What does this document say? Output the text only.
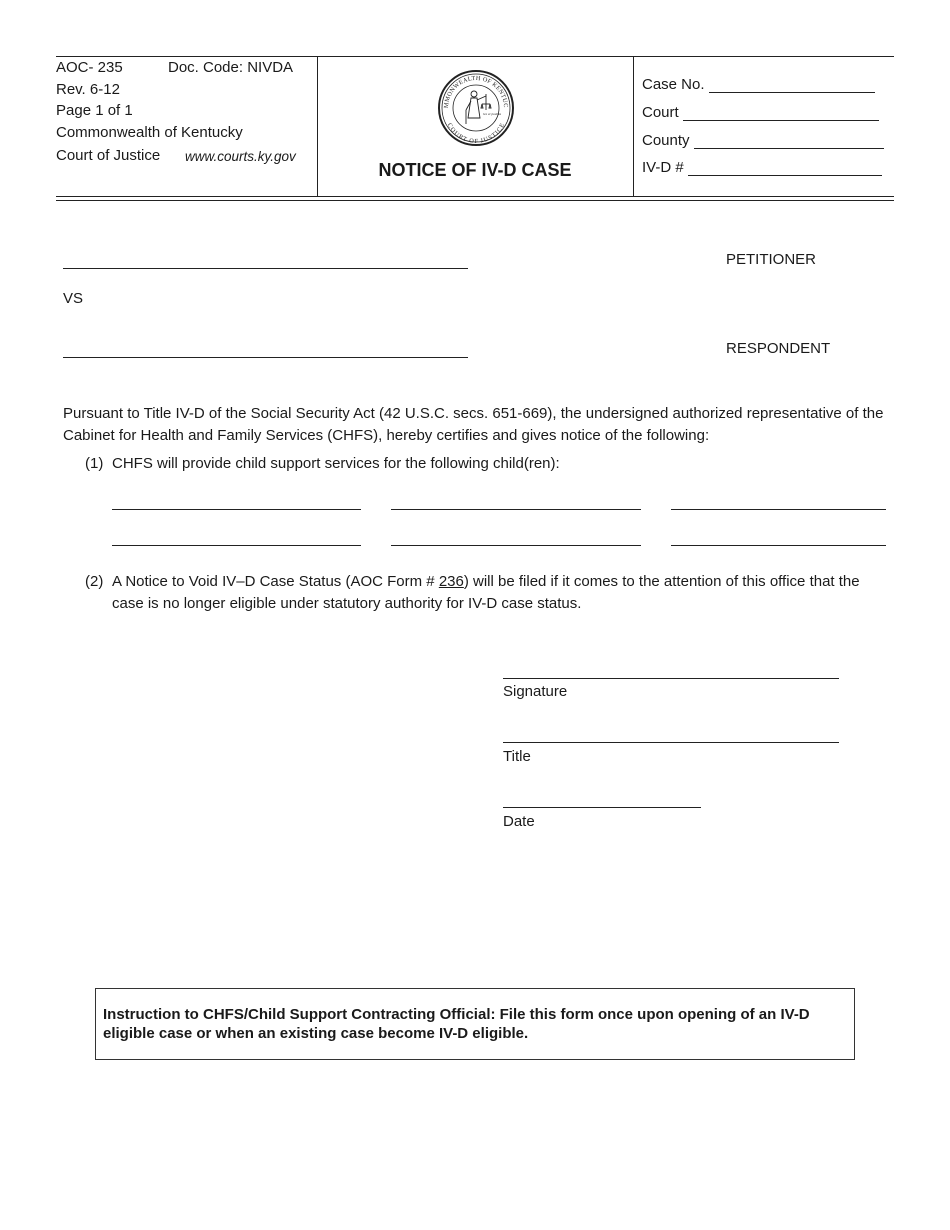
AOC- 235	Doc. Code: NIVDA
Rev. 6-12
Page 1 of 1
Commonwealth of Kentucky
Court of Justice www.courts.ky.gov
MMONWEALTH OF KENTUC
COURT OF JUSTICE
lex et justitia
NOTICE OF IV-D CASE
Case No.
Court
County
IV-D #
PETITIONER
VS
RESPONDENT
Pursuant to Title IV-D of the Social Security Act (42 U.S.C. secs. 651-669), the undersigned authorized representative of the Cabinet for Health and Family Services (CHFS), hereby certifies and gives notice of the following:
(1) CHFS will provide child support services for the following child(ren):
(2) A Notice to Void IV–D Case Status (AOC Form # 236) will be filed if it comes to the attention of this office that the case is no longer eligible under statutory authority for IV-D case status.
Signature
Title
Date
Instruction to CHFS/Child Support Contracting Official: File this form once upon opening of an IV-D eligible case or when an existing case become IV-D eligible.
